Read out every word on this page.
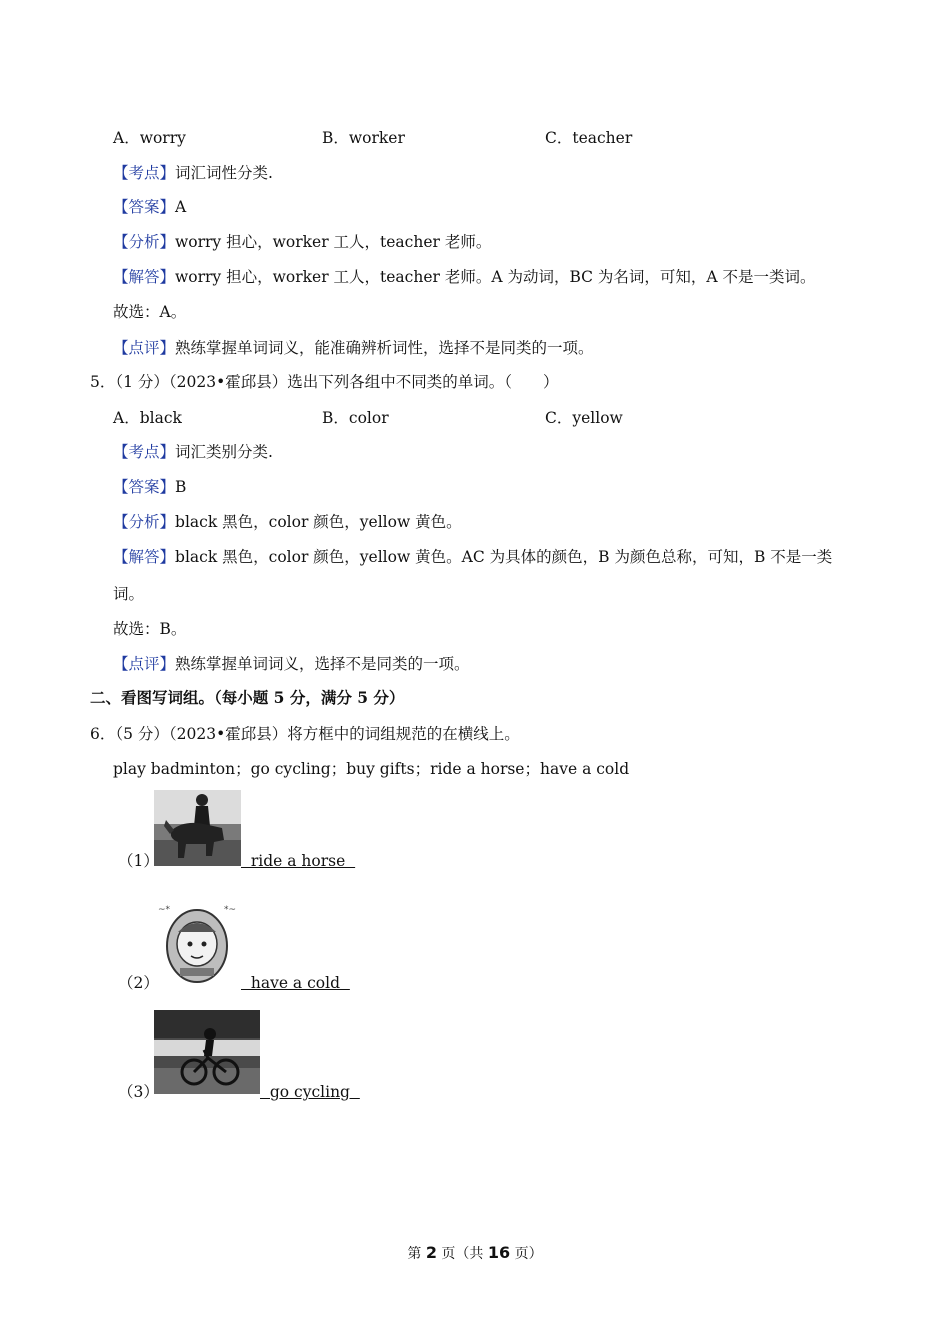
A．worry	B．worker	C．teacher
【考点】词汇词性分类.
【答案】A
【分析】worry 担心，worker 工人，teacher 老师。
【解答】worry 担心，worker 工人，teacher 老师。A 为动词，BC 为名词，可知，A 不是一类词。
故选：A。
【点评】熟练掌握单词词义，能准确辨析词性，选择不是同类的一项。
5．（1 分）（2023•霍邱县）选出下列各组中不同类的单词。（　　）
A．black	B．color	C．yellow
【考点】词汇类别分类.
【答案】B
【分析】black 黑色，color 颜色，yellow 黄色。
【解答】black 黑色，color 颜色，yellow 黄色。AC 为具体的颜色，B 为颜色总称，可知，B 不是一类
词。
故选：B。
【点评】熟练掌握单词词义，选择不是同类的一项。
二、看图写词组。（每小题 5 分，满分 5 分）
6．（5 分）（2023•霍邱县）将方框中的词组规范的在横线上。
play badminton；go cycling；buy gifts；ride a horse；have a cold
（1）	ride a horse
~*	*~
（2）	have a cold
（3）	go cycling
第 2 页（共 16 页）
